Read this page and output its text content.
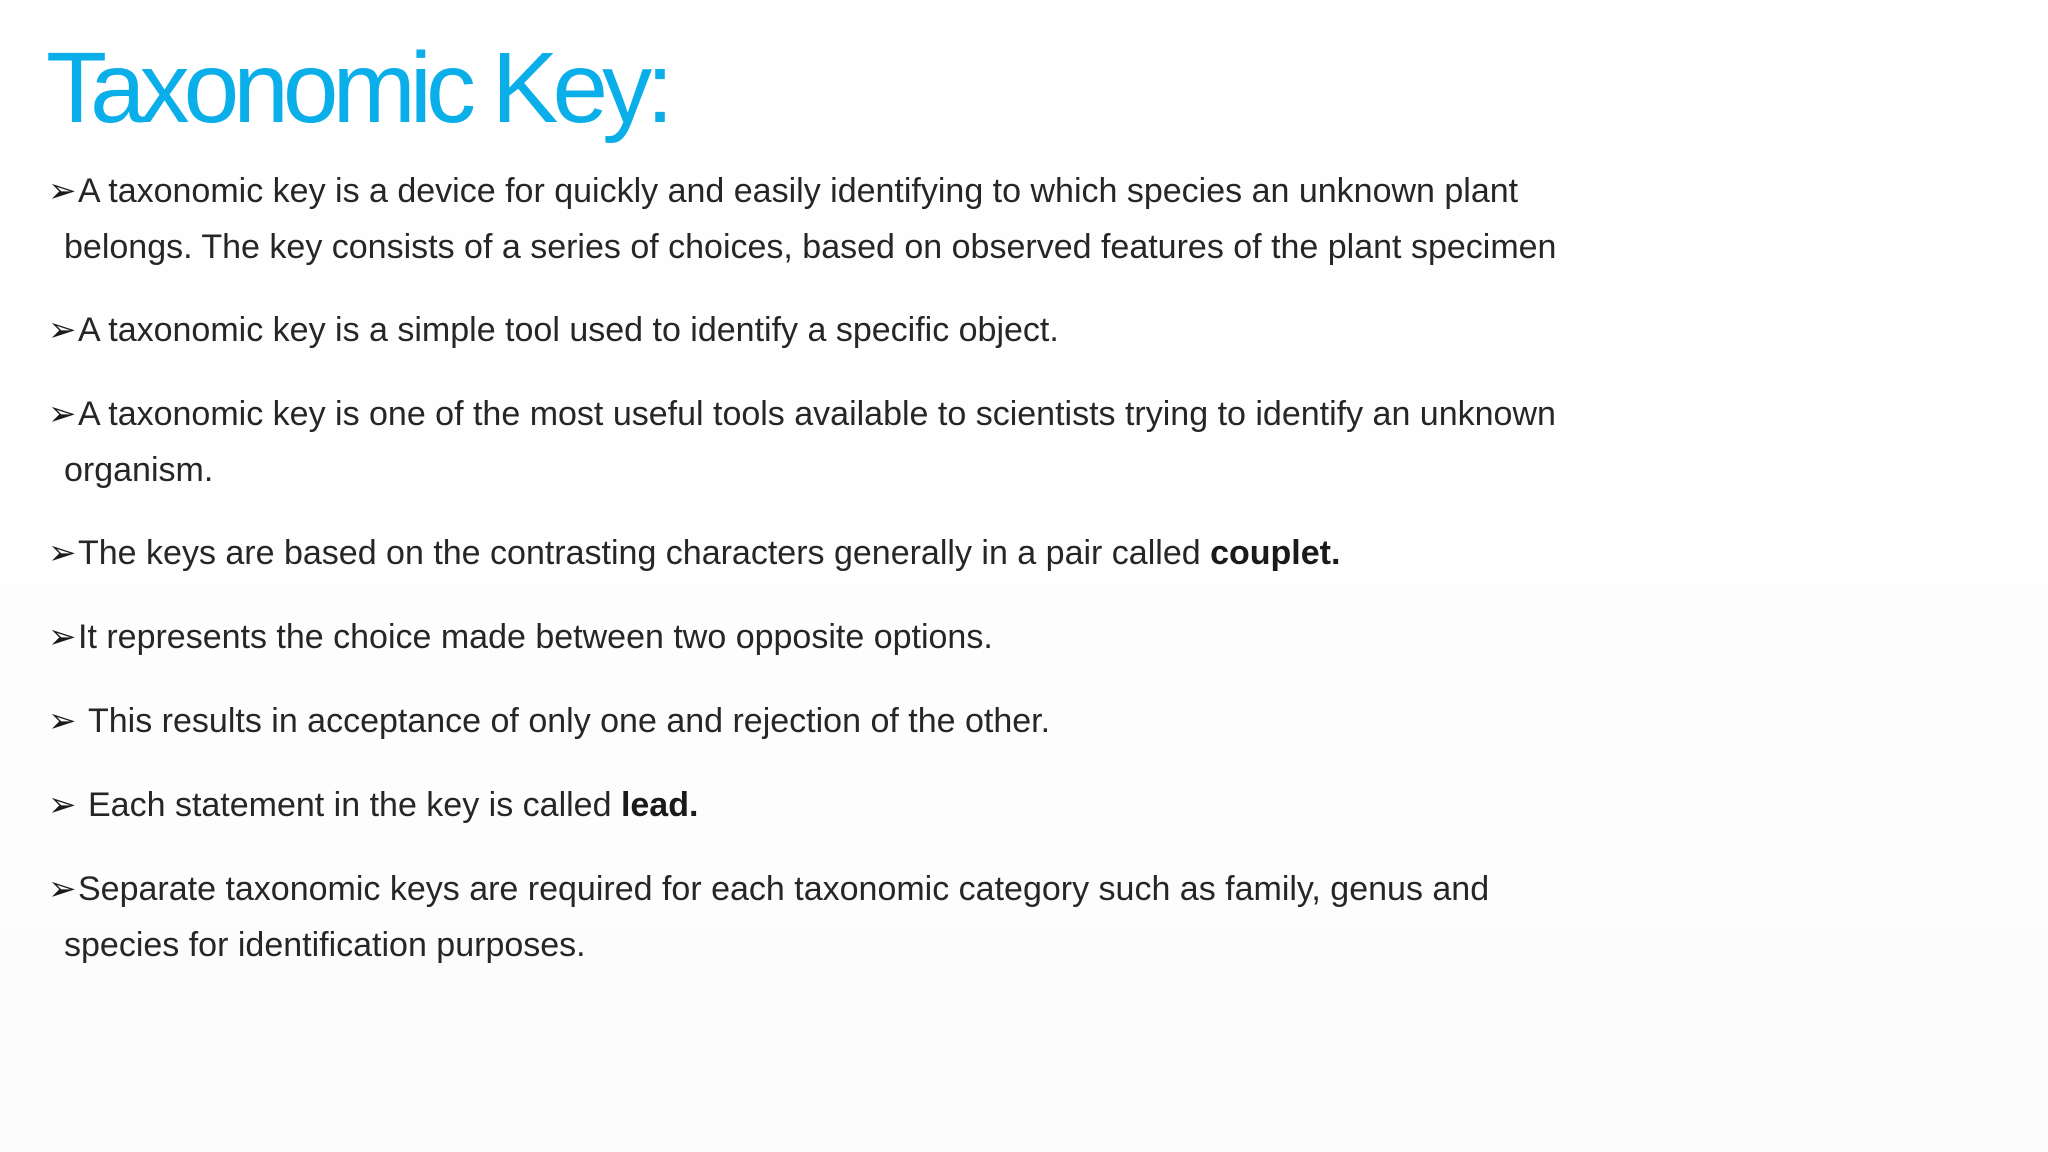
Taxonomic Key:
➢A taxonomic key is a device for quickly and easily identifying to which species an unknown plant
belongs. The key consists of a series of choices, based on observed features of the plant specimen
➢A taxonomic key is a simple tool used to identify a specific object.
➢A taxonomic key is one of the most useful tools available to scientists trying to identify an unknown
organism.
➢The keys are based on the contrasting characters generally in a pair called couplet.
➢It represents the choice made between two opposite options.
➢ This results in acceptance of only one and rejection of the other.
➢ Each statement in the key is called lead.
➢Separate taxonomic keys are required for each taxonomic category such as family, genus and
species for identification purposes.
